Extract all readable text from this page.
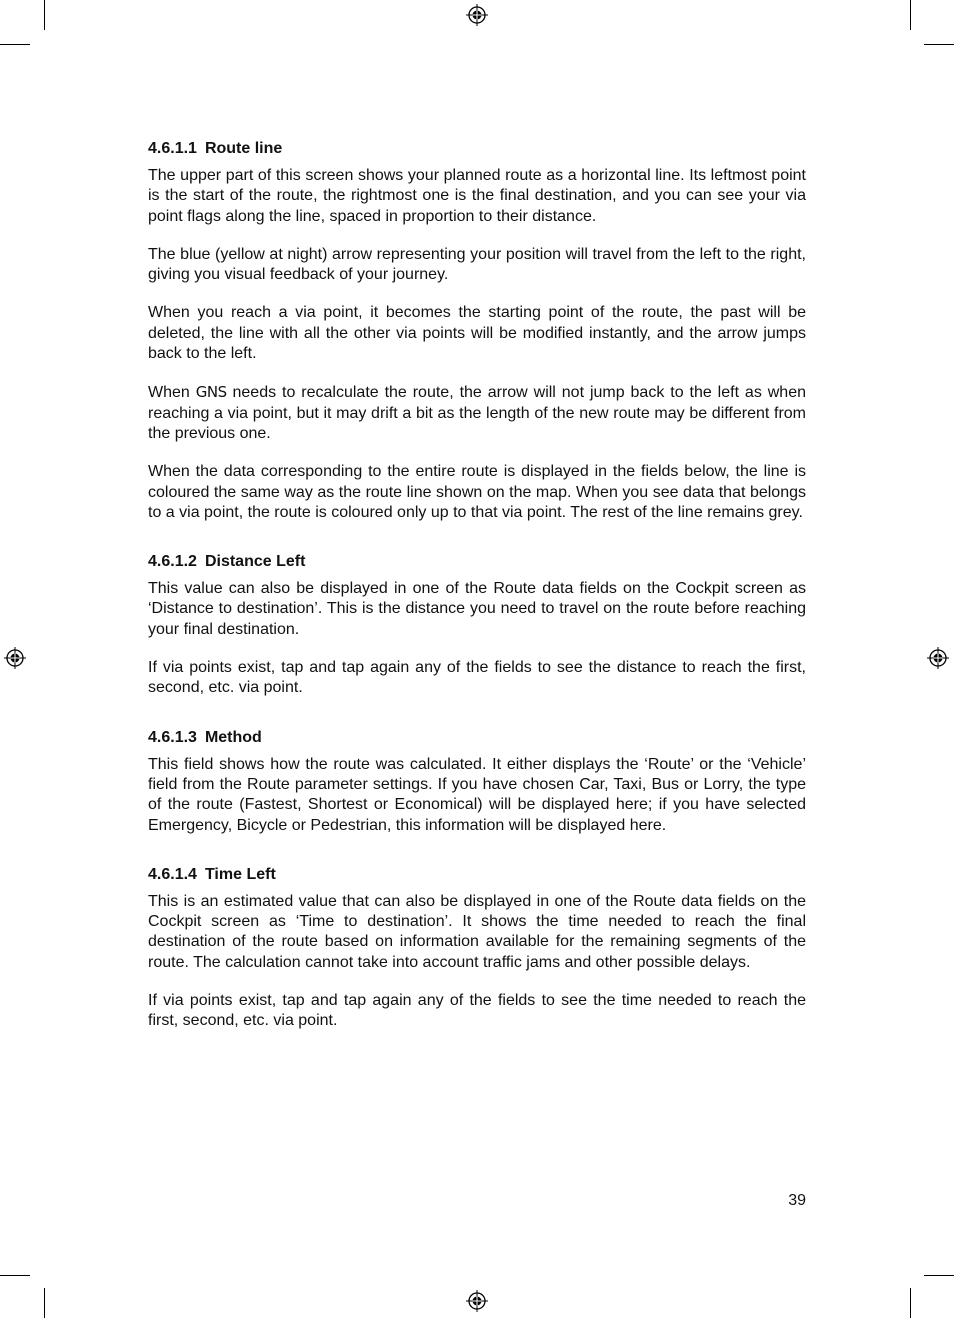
4.6.1.1 Route line

The upper part of this screen shows your planned route as a horizontal line. Its leftmost point is the start of the route, the rightmost one is the final destination, and you can see your via point flags along the line, spaced in proportion to their distance.

The blue (yellow at night) arrow representing your position will travel from the left to the right, giving you visual feedback of your journey.

When you reach a via point, it becomes the starting point of the route, the past will be deleted, the line with all the other via points will be modified instantly, and the arrow jumps back to the left.

When GNS needs to recalculate the route, the arrow will not jump back to the left as when reaching a via point, but it may drift a bit as the length of the new route may be different from the previous one.

When the data corresponding to the entire route is displayed in the fields below, the line is coloured the same way as the route line shown on the map. When you see data that belongs to a via point, the route is coloured only up to that via point. The rest of the line remains grey.

4.6.1.2 Distance Left

This value can also be displayed in one of the Route data fields on the Cockpit screen as ‘Distance to destination’. This is the distance you need to travel on the route before reaching your final destination.

If via points exist, tap and tap again any of the fields to see the distance to reach the first, second, etc. via point.

4.6.1.3 Method

This field shows how the route was calculated. It either displays the ‘Route’ or the ‘Vehicle’ field from the Route parameter settings. If you have chosen Car, Taxi, Bus or Lorry, the type of the route (Fastest, Shortest or Economical) will be displayed here; if you have selected Emergency, Bicycle or Pedestrian, this information will be displayed here.

4.6.1.4 Time Left

This is an estimated value that can also be displayed in one of the Route data fields on the Cockpit screen as ‘Time to destination’. It shows the time needed to reach the final destination of the route based on information available for the remaining segments of the route. The calculation cannot take into account traffic jams and other possible delays.

If via points exist, tap and tap again any of the fields to see the time needed to reach the first, second, etc. via point.

39
